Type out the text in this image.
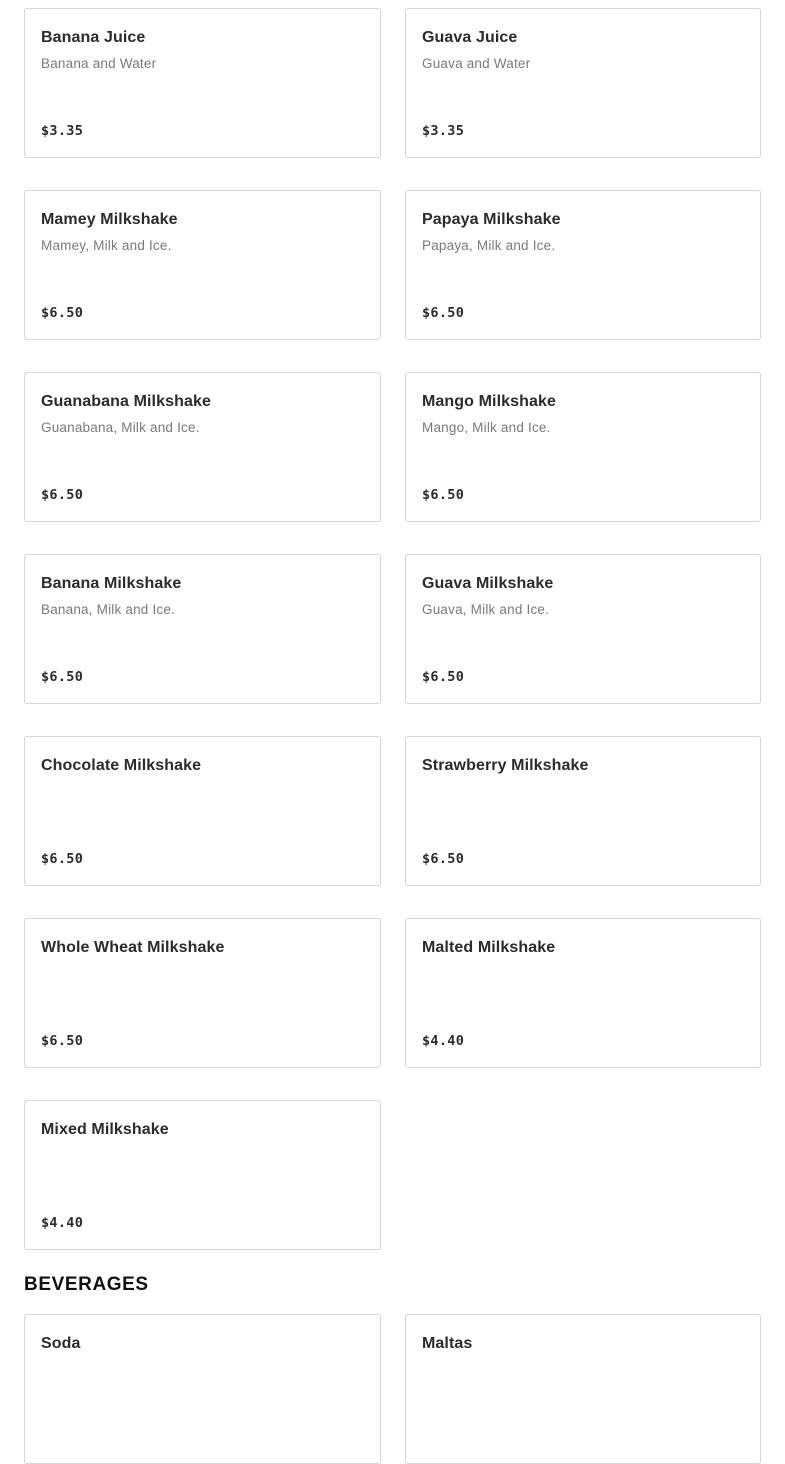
Banana Juice
Banana and Water
$3.35
Guava Juice
Guava and Water
$3.35
Mamey Milkshake
Mamey, Milk and Ice.
$6.50
Papaya Milkshake
Papaya, Milk and Ice.
$6.50
Guanabana Milkshake
Guanabana, Milk and Ice.
$6.50
Mango Milkshake
Mango, Milk and Ice.
$6.50
Banana Milkshake
Banana, Milk and Ice.
$6.50
Guava Milkshake
Guava, Milk and Ice.
$6.50
Chocolate Milkshake
$6.50
Strawberry Milkshake
$6.50
Whole Wheat Milkshake
$6.50
Malted Milkshake
$4.40
Mixed Milkshake
$4.40
BEVERAGES
Soda	Maltas
